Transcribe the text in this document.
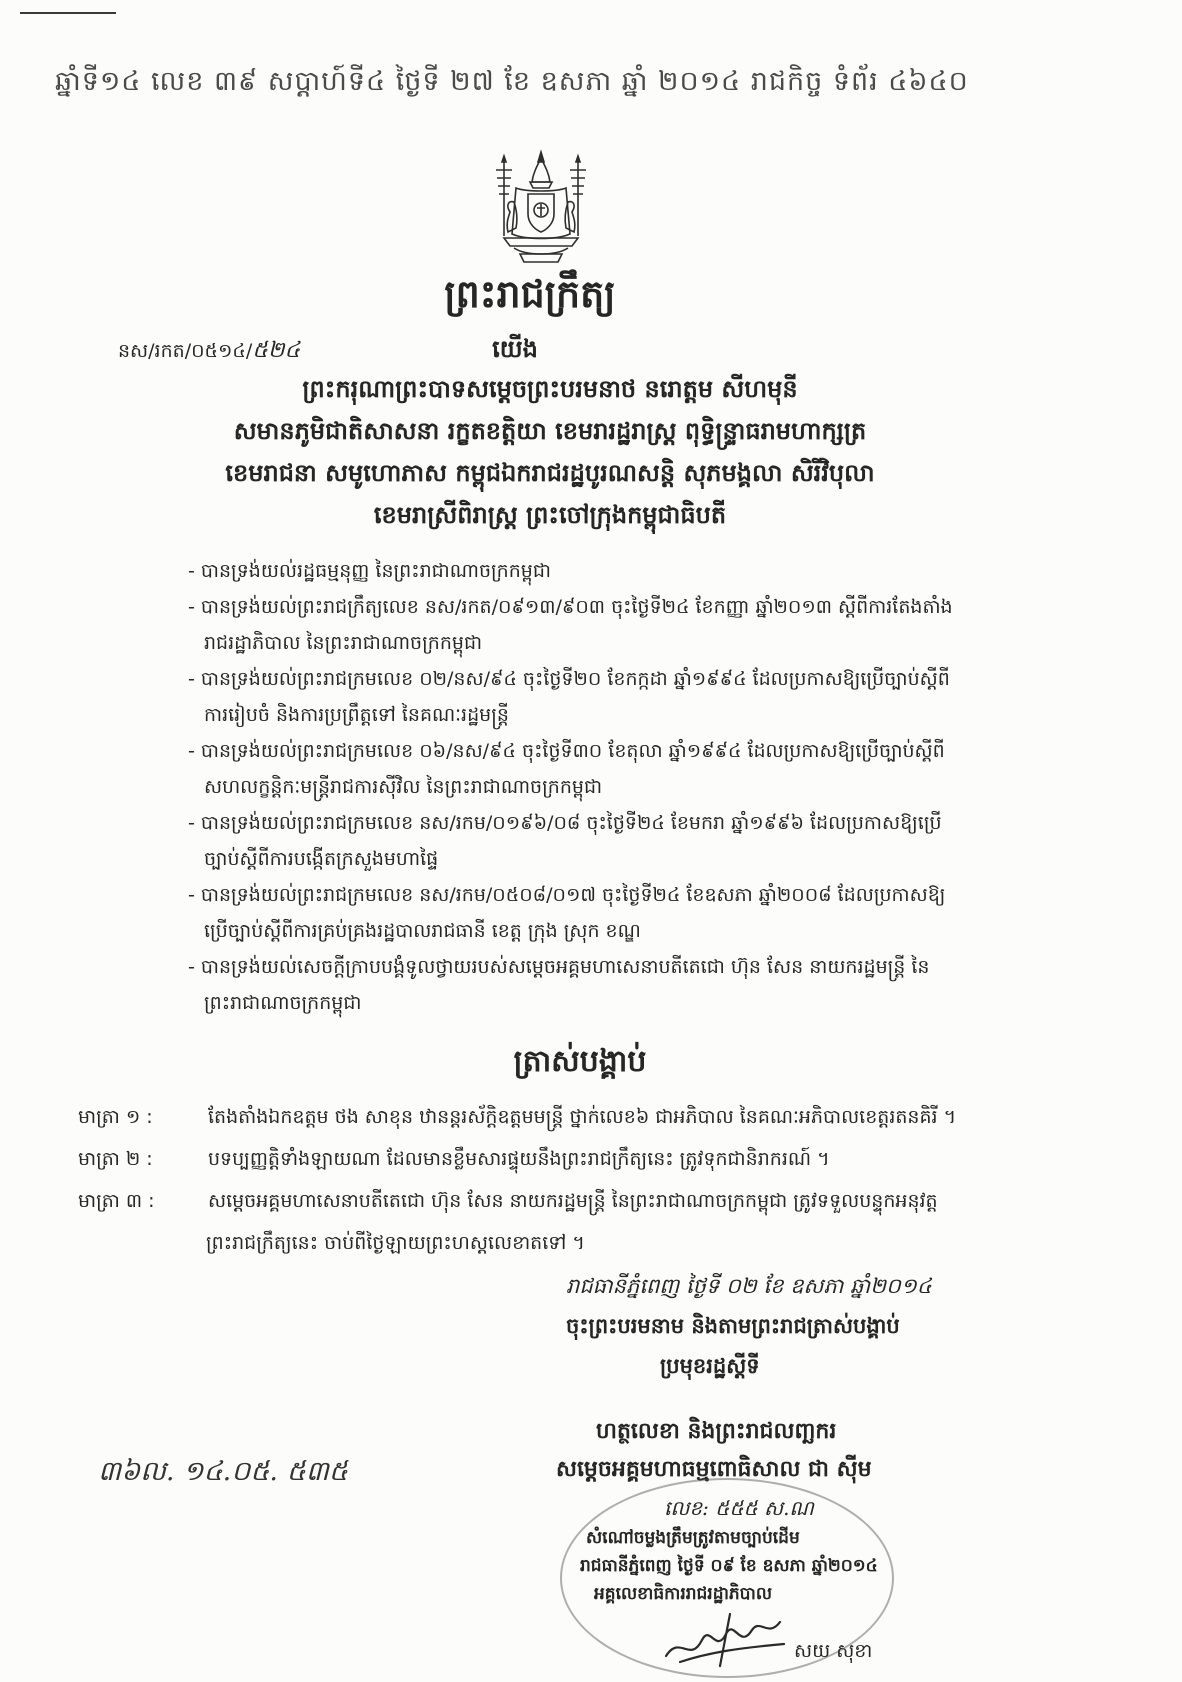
ឆ្នាំទី១៤ លេខ ៣៩ សប្តាហ៍ទី៤ ថ្ងៃទី ២៧ ខែ ឧសភា ឆ្នាំ ២០១៤ រាជកិច្ច ទំព័រ ៤៦៤០
ព្រះរាជក្រឹត្យ
នស/រកត/០៥១៤/៥២៤	យើង
ព្រះករុណាព្រះបាទសម្តេចព្រះបរមនាថ នរោត្តម សីហមុនី
សមានភូមិជាតិសាសនា រក្ខតខត្តិយា ខេមរារដ្ឋរាស្ត្រ ពុទ្ធិន្ទ្រាធរាមហាក្សត្រ
ខេមរាជនា សមូហោភាស កម្ពុជឯករាជរដ្ឋបូរណសន្តិ សុភមង្គលា សិរីវិបុលា
ខេមរាស្រីពិរាស្ត្រ ព្រះចៅក្រុងកម្ពុជាធិបតី
- បានទ្រង់យល់រដ្ឋធម្មនុញ្ញ នៃព្រះរាជាណាចក្រកម្ពុជា
- បានទ្រង់យល់ព្រះរាជក្រឹត្យលេខ នស/រកត/០៩១៣/៩០៣ ចុះថ្ងៃទី២៤ ខែកញ្ញា ឆ្នាំ២០១៣ ស្តីពីការតែងតាំង
រាជរដ្ឋាភិបាល នៃព្រះរាជាណាចក្រកម្ពុជា
- បានទ្រង់យល់ព្រះរាជក្រមលេខ ០២/នស/៩៤ ចុះថ្ងៃទី២០ ខែកក្កដា ឆ្នាំ១៩៩៤ ដែលប្រកាសឱ្យប្រើច្បាប់ស្តីពី
ការរៀបចំ និងការប្រព្រឹត្តទៅ នៃគណៈរដ្ឋមន្ត្រី
- បានទ្រង់យល់ព្រះរាជក្រមលេខ ០៦/នស/៩៤ ចុះថ្ងៃទី៣០ ខែតុលា ឆ្នាំ១៩៩៤ ដែលប្រកាសឱ្យប្រើច្បាប់ស្តីពី
សហលក្ខន្តិកៈមន្ត្រីរាជការស៊ីវិល នៃព្រះរាជាណាចក្រកម្ពុជា
- បានទ្រង់យល់ព្រះរាជក្រមលេខ នស/រកម/០១៩៦/០៨ ចុះថ្ងៃទី២៤ ខែមករា ឆ្នាំ១៩៩៦ ដែលប្រកាសឱ្យប្រើ
ច្បាប់ស្តីពីការបង្កើតក្រសួងមហាផ្ទៃ
- បានទ្រង់យល់ព្រះរាជក្រមលេខ នស/រកម/០៥០៨/០១៧ ចុះថ្ងៃទី២៤ ខែឧសភា ឆ្នាំ២០០៨ ដែលប្រកាសឱ្យ
ប្រើច្បាប់ស្តីពីការគ្រប់គ្រងរដ្ឋបាលរាជធានី ខេត្ត ក្រុង ស្រុក ខណ្ឌ
- បានទ្រង់យល់សេចក្តីក្រាបបង្គំទូលថ្វាយរបស់សម្តេចអគ្គមហាសេនាបតីតេជោ ហ៊ុន សែន នាយករដ្ឋមន្ត្រី នៃ
ព្រះរាជាណាចក្រកម្ពុជា
ត្រាស់បង្គាប់
មាត្រា ១ :	តែងតាំងឯកឧត្តម ថង សាខុន ឋានន្តរស័ក្តិឧត្តមមន្ត្រី ថ្នាក់លេខ៦ ជាអភិបាល នៃគណៈអភិបាលខេត្តរតនគិរី ។
មាត្រា ២ :	បទប្បញ្ញត្តិទាំងឡាយណា ដែលមានខ្លឹមសារផ្ទុយនឹងព្រះរាជក្រឹត្យនេះ ត្រូវទុកជានិរាករណ៍ ។
មាត្រា ៣ :	សម្តេចអគ្គមហាសេនាបតីតេជោ ហ៊ុន សែន នាយករដ្ឋមន្ត្រី នៃព្រះរាជាណាចក្រកម្ពុជា ត្រូវទទួលបន្ទុកអនុវត្ត
ព្រះរាជក្រឹត្យនេះ ចាប់ពីថ្ងៃឡាយព្រះហស្តលេខាតទៅ ។
រាជធានីភ្នំពេញ ថ្ងៃទី ០២ ខែ ឧសភា ឆ្នាំ២០១៤
ចុះព្រះបរមនាម និងតាមព្រះរាជត្រាស់បង្គាប់
ប្រមុខរដ្ឋស្តីទី
៣៦ល. ១៤.០៥. ៥៣៥
ហត្ថលេខា និងព្រះរាជលញ្ឆករ
សម្តេចអគ្គមហាធម្មពោធិសាល ជា ស៊ីម
លេខ: ៥៥៥ ស.ណ
សំណៅចម្លងត្រឹមត្រូវតាមច្បាប់ដើម
រាជធានីភ្នំពេញ ថ្ងៃទី ០៩ ខែ ឧសភា ឆ្នាំ២០១៤
អគ្គលេខាធិការរាជរដ្ឋាភិបាល
សយ សុខា
